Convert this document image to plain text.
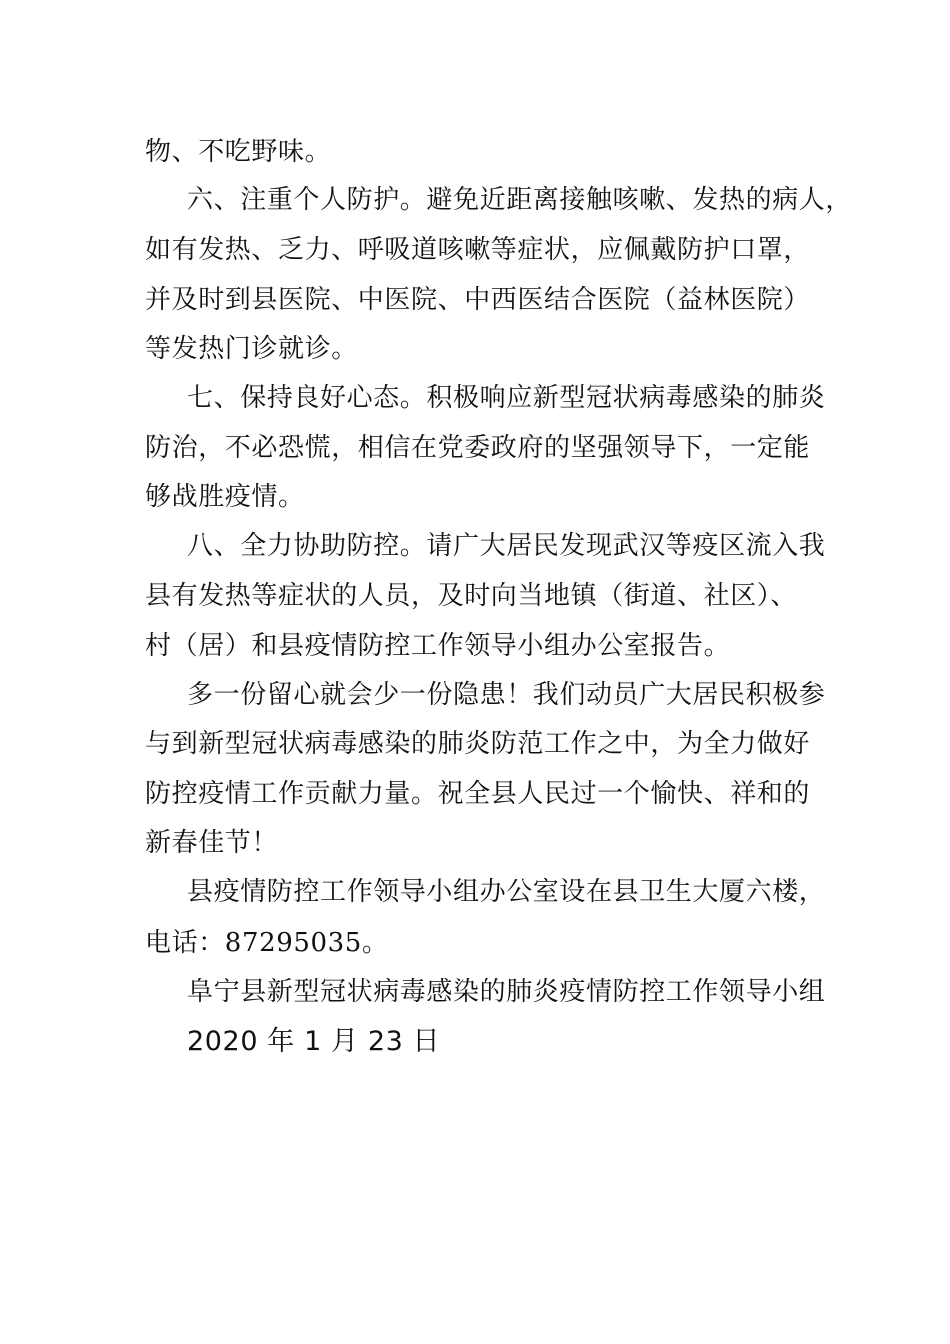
物、不吃野味。
六、注重个人防护。避免近距离接触咳嗽、发热的病人，
如有发热、乏力、呼吸道咳嗽等症状，应佩戴防护口罩，
并及时到县医院、中医院、中西医结合医院（益林医院）
等发热门诊就诊。
七、保持良好心态。积极响应新型冠状病毒感染的肺炎
防治，不必恐慌，相信在党委政府的坚强领导下，一定能
够战胜疫情。
八、全力协助防控。请广大居民发现武汉等疫区流入我
县有发热等症状的人员，及时向当地镇（街道、社区）、
村（居）和县疫情防控工作领导小组办公室报告。
多一份留心就会少一份隐患！我们动员广大居民积极参
与到新型冠状病毒感染的肺炎防范工作之中，为全力做好
防控疫情工作贡献力量。祝全县人民过一个愉快、祥和的
新春佳节！
县疫情防控工作领导小组办公室设在县卫生大厦六楼，
电话：87295035。
阜宁县新型冠状病毒感染的肺炎疫情防控工作领导小组
2020 年 1 月 23 日
